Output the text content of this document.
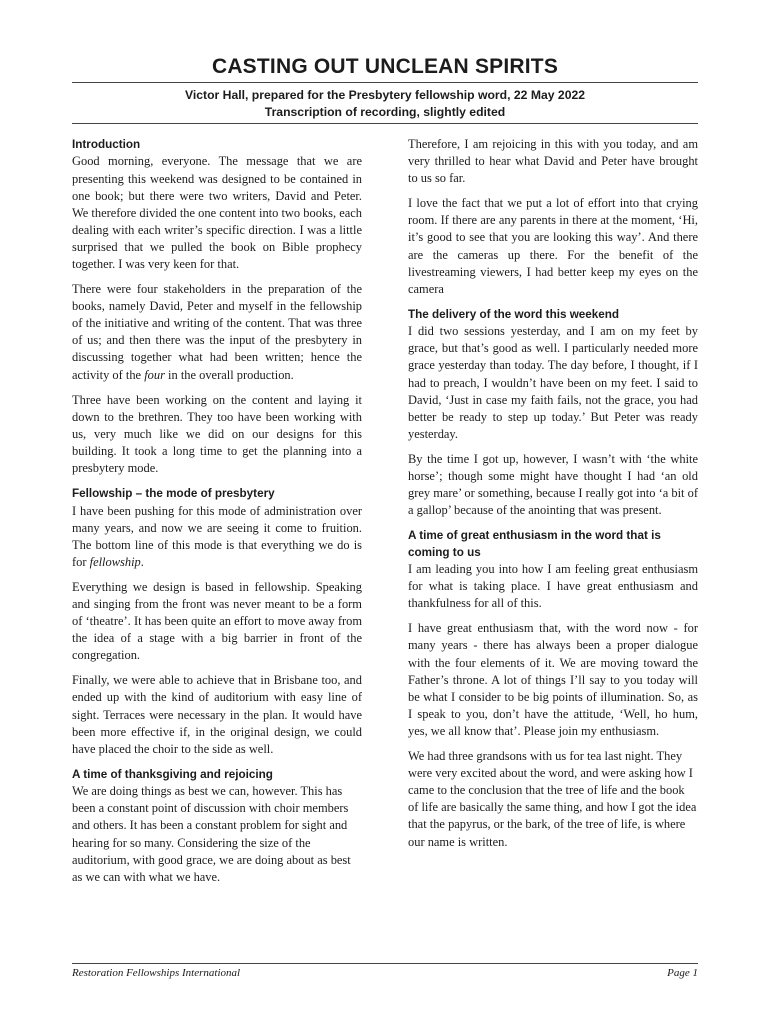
CASTING OUT UNCLEAN SPIRITS
Victor Hall, prepared for the Presbytery fellowship word, 22 May 2022
Transcription of recording, slightly edited
Introduction

Good morning, everyone. The message that we are presenting this weekend was designed to be contained in one book; but there were two writers, David and Peter. We therefore divided the one content into two books, each dealing with each writer’s specific direction. I was a little surprised that we pulled the book on Bible prophecy together. I was very keen for that.

There were four stakeholders in the preparation of the books, namely David, Peter and myself in the fellowship of the initiative and writing of the content. That was three of us; and then there was the input of the presbytery in discussing together what had been written; hence the activity of the four in the overall production.

Three have been working on the content and laying it down to the brethren. They too have been working with us, very much like we did on our designs for this building. It took a long time to get the planning into a presbytery mode.

Fellowship – the mode of presbytery

I have been pushing for this mode of administration over many years, and now we are seeing it come to fruition. The bottom line of this mode is that everything we do is for fellowship.

Everything we design is based in fellowship. Speaking and singing from the front was never meant to be a form of ‘theatre’. It has been quite an effort to move away from the idea of a stage with a big barrier in front of the congregation.

Finally, we were able to achieve that in Brisbane too, and ended up with the kind of auditorium with easy line of sight. Terraces were necessary in the plan. It would have been more effective if, in the original design, we could have placed the choir to the side as well.

A time of thanksgiving and rejoicing

We are doing things as best we can, however. This has been a constant point of discussion with choir members and others. It has been a constant problem for sight and hearing for so many. Considering the size of the auditorium, with good grace, we are doing about as best as we can with what we have.

Therefore, I am rejoicing in this with you today, and am very thrilled to hear what David and Peter have brought to us so far.

I love the fact that we put a lot of effort into that crying room. If there are any parents in there at the moment, ‘Hi, it’s good to see that you are looking this way’. And there are the cameras up there. For the benefit of the livestreaming viewers, I had better keep my eyes on the camera

The delivery of the word this weekend

I did two sessions yesterday, and I am on my feet by grace, but that’s good as well. I particularly needed more grace yesterday than today. The day before, I thought, if I had to preach, I wouldn’t have been on my feet. I said to David, ‘Just in case my faith fails, not the grace, you had better be ready to step up today.’ But Peter was ready yesterday.

By the time I got up, however, I wasn’t with ‘the white horse’; though some might have thought I had ‘an old grey mare’ or something, because I really got into ‘a bit of a gallop’ because of the anointing that was present.

A time of great enthusiasm in the word that is coming to us

I am leading you into how I am feeling great enthusiasm for what is taking place. I have great enthusiasm and thankfulness for all of this.

I have great enthusiasm that, with the word now - for many years - there has always been a proper dialogue with the four elements of it. We are moving toward the Father’s throne. A lot of things I’ll say to you today will be what I consider to be big points of illumination. So, as I speak to you, don’t have the attitude, ‘Well, ho hum, yes, we all know that’. Please join my enthusiasm.

We had three grandsons with us for tea last night. They were very excited about the word, and were asking how I came to the conclusion that the tree of life and the book of life are basically the same thing, and how I got the idea that the papyrus, or the bark, of the tree of life, is where our name is written.

Restoration Fellowships International	Page 1
